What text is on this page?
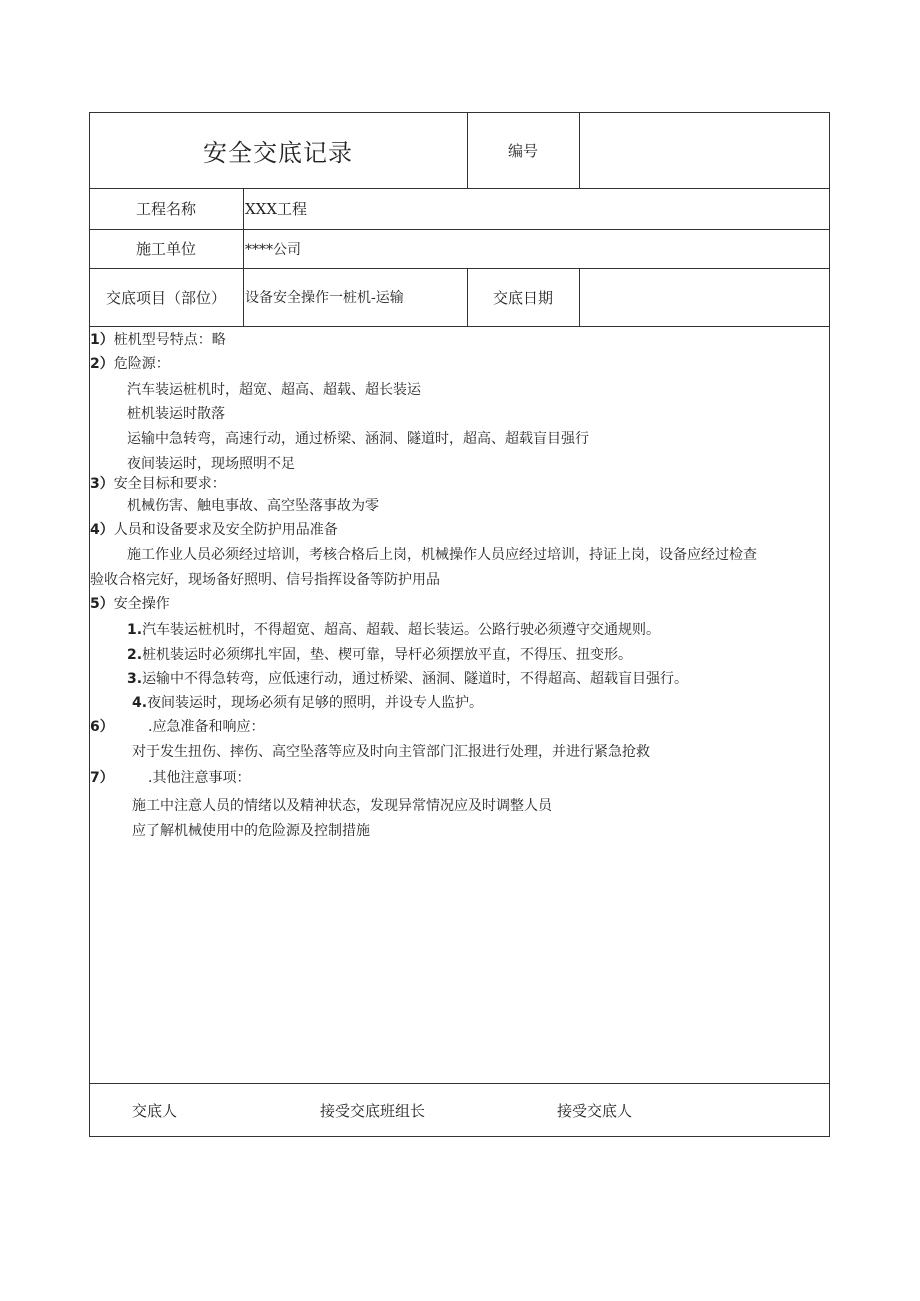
安全交底记录	编号
工程名称	XXX工程
施工单位	****公司
交底项目（部位）	设备安全操作一桩机-运输	交底日期
1）桩机型号特点：略
2）危险源：
汽车装运桩机时，超宽、超高、超载、超长装运
桩机装运时散落
运输中急转弯，高速行动，通过桥梁、涵洞、隧道时，超高、超载盲目强行
夜间装运时，现场照明不足
3）安全目标和要求：
机械伤害、触电事故、高空坠落事故为零
4）人员和设备要求及安全防护用品准备
施工作业人员必须经过培训，考核合格后上岗，机械操作人员应经过培训，持证上岗，设备应经过检查
验收合格完好，现场备好照明、信号指挥设备等防护用品
5）安全操作
1.汽车装运桩机时，不得超宽、超高、超载、超长装运。公路行驶必须遵守交通规则。
2.桩机装运时必须绑扎牢固，垫、楔可靠，导杆必须摆放平直，不得压、扭变形。
3.运输中不得急转弯，应低速行动，通过桥梁、涵洞、隧道时，不得超高、超载盲目强行。
4.夜间装运时，现场必须有足够的照明，并设专人监护。
6） .应急准备和响应：
对于发生扭伤、摔伤、高空坠落等应及时向主管部门汇报进行处理，并进行紧急抢救
7） .其他注意事项：
施工中注意人员的情绪以及精神状态，发现异常情况应及时调整人员
应了解机械使用中的危险源及控制措施
交底人	接受交底班组长	接受交底人
